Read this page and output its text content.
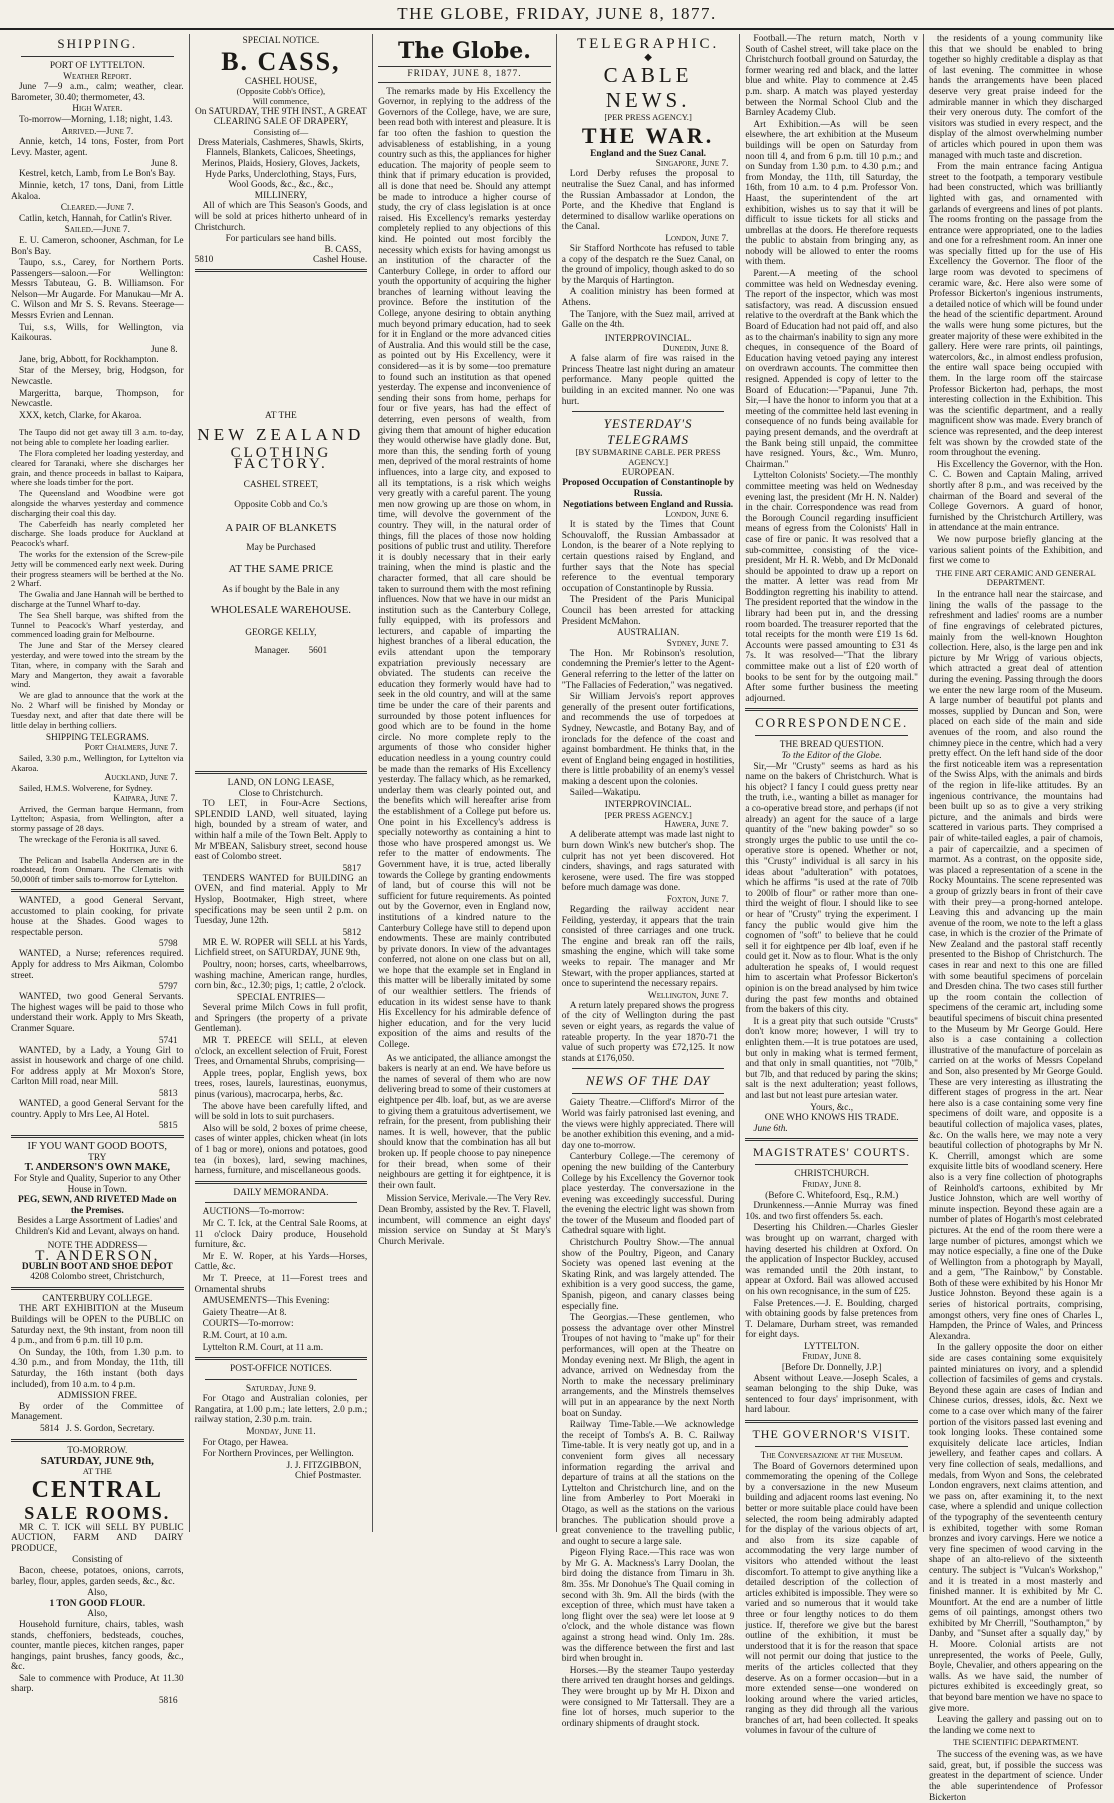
THE GLOBE, FRIDAY, JUNE 8, 1877.
SHIPPING.
PORT OF LYTTELTON.
Weather Report.
June 7—9 a.m., calm; weather, clear. Barometer, 30.40; thermometer, 43.
High Water.
To-morrow—Morning, 1.18; night, 1.43.
Arrived.—June 7.
Annie, ketch, 14 tons, Foster, from Port Levy. Master, agent.
June 8.
Kestrel, ketch, Lamb, from Le Bon's Bay.
Minnie, ketch, 17 tons, Dani, from Little Akaloa.
Cleared.—June 7.
Catlin, ketch, Hannah, for Catlin's River.
Sailed.—June 7.
E. U. Cameron, schooner, Aschman, for Le Bon's Bay.
Taupo, s.s., Carey, for Northern Ports. Passengers—saloon.—For Wellington: Messrs Tabuteau, G. B. Williamson. For Nelson—Mr Augarde. For Manukau—Mr A. C. Wilson and Mr S. S. Revans. Steerage—Messrs Evrien and Lennan.
Tui, s.s, Wills, for Wellington, via Kaikouras.
June 8.
Jane, brig, Abbott, for Rockhampton.
Star of the Mersey, brig, Hodgson, for Newcastle.
Margeritta, barque, Thompson, for Newcastle.
XXX, ketch, Clarke, for Akaroa.
The Taupo did not get away till 3 a.m. to-day, not being able to complete her loading earlier.
The Flora completed her loading yesterday, and cleared for Taranaki, where she discharges her grain, and thence proceeds in ballast to Kaipara, where she loads timber for the port.
The Queensland and Woodbine were got alongside the wharves yesterday and commence discharging their coal this day.
The Caberfeidh has nearly completed her discharge. She loads produce for Auckland at Peacock's wharf.
The works for the extension of the Screw-pile Jetty will be commenced early next week. During their progress steamers will be berthed at the No. 2 Wharf.
The Gwalia and Jane Hannah will be berthed to discharge at the Tunnel Wharf to-day.
The Sea Shell barque, was shifted from the Tunnel to Peacock's Wharf yesterday, and commenced loading grain for Melbourne.
The June and Star of the Mersey cleared yesterday, and were towed into the stream by the Titan, where, in company with the Sarah and Mary and Mangerton, they await a favorable wind.
We are glad to announce that the work at the No. 2 Wharf will be finished by Monday or Tuesday next, and after that date there will be little delay in berthing colliers.
SHIPPING TELEGRAMS.
Port Chalmers, June 7.
Sailed, 3.30 p.m., Wellington, for Lyttelton via Akaroa.
Auckland, June 7.
Sailed, H.M.S. Wolverene, for Sydney.
Kaipara, June 7.
Arrived, the German barque Hermann, from Lyttelton; Aspasia, from Wellington, after a stormy passage of 28 days.
The wreckage of the Feronia is all saved.
Hokitika, June 6.
The Pelican and Isabella Andersen are in the roadstead, from Onmaru. The Clematis with 50,000ft of timber sails to-morrow for Lyttelton.
WANTED, a good General Servant, accustomed to plain cooking, for private house at the Shades. Good wages to respectable person.
5798
WANTED, a Nurse; references required. Apply for address to Mrs Aikman, Colombo street.
5797
WANTED, two good General Servants. The highest wages will be paid to those who understand their work. Apply to Mrs Skeath, Cranmer Square.
5741
WANTED, by a Lady, a Young Girl to assist in housework and charge of one child. For address apply at Mr Moxon's Store, Carlton Mill road, near Mill.
5813
WANTED, a good General Servant for the country. Apply to Mrs Lee, Al Hotel.
5815
IF YOU WANT GOOD BOOTS,
TRY
T. ANDERSON'S OWN MAKE,
For Style and Quality, Superior to any Other House in Town.
PEG, SEWN, AND RIVETED Made on the Premises.
Besides a Large Assortment of Ladies' and Children's Kid and Levant, always on hand.
NOTE THE ADDRESS—
T. ANDERSON,
DUBLIN BOOT AND SHOE DEPOT
4208 Colombo street, Christchurch,
CANTERBURY COLLEGE.
THE ART EXHIBITION at the Museum Buildings will be OPEN to the PUBLIC on Saturday next, the 9th instant, from noon till 4 p.m., and from 6 p.m. till 10 p.m.
On Sunday, the 10th, from 1.30 p.m. to 4.30 p.m., and from Monday, the 11th, till Saturday, the 16th instant (both days included), from 10 a.m. to 4 p.m.
ADMISSION FREE.
By order of the Committee of Management.
5814 J. S. Gordon, Secretary.
TO-MORROW.
SATURDAY, JUNE 9th,
AT THE
CENTRAL
SALE ROOMS.
MR C. T. ICK will SELL BY PUBLIC AUCTION, FARM AND DAIRY PRODUCE,
Consisting of
Bacon, cheese, potatoes, onions, carrots, barley, flour, apples, garden seeds, &c., &c.
Also,
1 TON GOOD FLOUR.
Also,
Household furniture, chairs, tables, wash stands, cheffoniers, bedsteads, couches, counter, mantle pieces, kitchen ranges, paper hangings, paint brushes, fancy goods, &c., &c.
Sale to commence with Produce, At 11.30 sharp.
5816
SPECIAL NOTICE.
B. CASS,
CASHEL HOUSE,
(Opposite Cobb's Office),
Will commence,
On SATURDAY, THE 9TH INST., A GREAT CLEARING SALE OF DRAPERY,
Consisting of—
Dress Materials, Cashmeres, Shawls, Skirts, Flannels, Blankets, Calicoes, Sheetings, Merinos, Plaids, Hosiery, Gloves, Jackets, Hyde Parks, Underclothing, Stays, Furs, Wool Goods, &c., &c., &c.,
MILLINERY,
All of which are This Season's Goods, and will be sold at prices hitherto unheard of in Christchurch.
For particulars see hand bills.
B. CASS,
5810	Cashel House.
AT THE
NEW ZEALAND
CLOTHING FACTORY.
CASHEL STREET,
Opposite Cobb and Co.'s
A PAIR OF BLANKETS
May be Purchased
AT THE SAME PRICE
As if bought by the Bale in any
WHOLESALE WAREHOUSE.
GEORGE KELLY,
Manager. 5601
LAND, ON LONG LEASE,
Close to Christchurch.
TO LET, in Four-Acre Sections, SPLENDID LAND, well situated, laying high, bounded by a stream of water, and within half a mile of the Town Belt. Apply to Mr M'BEAN, Salisbury street, second house east of Colombo street.
5817
TENDERS WANTED for BUILDING an OVEN, and find material. Apply to Mr Hyslop, Bootmaker, High street, where specifications may be seen until 2 p.m. on Tuesday, June 12th.
5812
MR E. W. ROPER will SELL at his Yards, Lichfield street, on SATURDAY, JUNE 9th,
Poultry, noon; horses, carts, wheelbarrows, washing machine, American range, hurdles, corn bin, &c., 12.30; pigs, 1; cattle, 2 o'clock.
SPECIAL ENTRIES—
Several prime Milch Cows in full profit, and Springers (the property of a private Gentleman).
MR T. PREECE will SELL, at eleven o'clock, an excellent selection of Fruit, Forest Trees, and Ornamental Shrubs, comprising—
Apple trees, poplar, English yews, box trees, roses, laurels, laurestinas, euonymus, pinus (various), macrocarpa, herbs, &c.
The above have been carefully lifted, and will be sold in lots to suit purchasers.
Also will be sold, 2 boxes of prime cheese, cases of winter apples, chicken wheat (in lots of 1 bag or more), onions and potatoes, good tea (in boxes), lard, sewing machines, harness, furniture, and miscellaneous goods.
DAILY MEMORANDA.
AUCTIONS—To-morrow:
Mr C. T. Ick, at the Central Sale Rooms, at 11 o'clock Dairy produce, Household furniture, &c.
Mr E. W. Roper, at his Yards—Horses, Cattle, &c.
Mr T. Preece, at 11—Forest trees and Ornamental shrubs
AMUSEMENTS—This Evening:
Gaiety Theatre—At 8.
COURTS—To-morrow:
R.M. Court, at 10 a.m.
Lyttelton R.M. Court, at 11 a.m.
POST-OFFICE NOTICES.
Saturday, June 9.
For Otago and Australian colonies, per Rangatira, at 1.00 p.m.; late letters, 2.0 p.m.; railway station, 2.30 p.m. train.
Monday, June 11.
For Otago, per Hawea.
For Northern Provinces, per Wellington.
J. J. FITZGIBBON,
Chief Postmaster.
The Globe.
FRIDAY, JUNE 8, 1877.
The remarks made by His Excellency the Governor, in replying to the address of the Governors of the College, have, we are sure, been read both with interest and pleasure. It is far too often the fashion to question the advisableness of establishing, in a young country such as this, the appliances for higher education. The majority of people seem to think that if primary education is provided, all is done that need be. Should any attempt be made to introduce a higher course of study, the cry of class legislation is at once raised. His Excellency's remarks yesterday completely replied to any objections of this kind. He pointed out most forcibly the necessity which exists for having amongst us an institution of the character of the Canterbury College, in order to afford our youth the opportunity of acquiring the higher branches of learning without leaving the province. Before the institution of the College, anyone desiring to obtain anything much beyond primary education, had to seek for it in England or the more advanced cities of Australia. And this would still be the case, as pointed out by His Excellency, were it considered—as it is by some—too premature to found such an institution as that opened yesterday. The expense and inconvenience of sending their sons from home, perhaps for four or five years, has had the effect of deterring, even persons of wealth, from giving them that amount of higher education they would otherwise have gladly done. But, more than this, the sending forth of young men, deprived of the moral restraints of home influences, into a large city, and exposed to all its temptations, is a risk which weighs very greatly with a careful parent. The young men now growing up are those on whom, in time, will devolve the government of the country. They will, in the natural order of things, fill the places of those now holding positions of public trust and utility. Therefore it is doubly necessary that in their early training, when the mind is plastic and the character formed, that all care should be taken to surround them with the most refining influences. Now that we have in our midst an institution such as the Canterbury College, fully equipped, with its professors and lecturers, and capable of imparting the highest branches of a liberal education, the evils attendant upon the temporary expatriation previously necessary are obviated. The students can receive the education they formerly would have had to seek in the old country, and will at the same time be under the care of their parents and surrounded by those potent influences for good which are to be found in the home circle. No more complete reply to the arguments of those who consider higher education needless in a young country could be made than the remarks of His Excellency yesterday. The fallacy which, as he remarked, underlay them was clearly pointed out, and the benefits which will hereafter arise from the establishment of a College put before us. One point in his Excellency's address is specially noteworthy as containing a hint to those who have prospered amongst us. We refer to the matter of endowments. The Government have, it is true, acted liberally towards the College by granting endowments of land, but of course this will not be sufficient for future requirements. As pointed out by the Governor, even in England now, institutions of a kindred nature to the Canterbury College have still to depend upon endowments. These are mainly contributed by private donors. In view of the advantages conferred, not alone on one class but on all, we hope that the example set in England in this matter will be liberally imitated by some of our wealthier settlers. The friends of education in its widest sense have to thank His Excellency for his admirable defence of higher education, and for the very lucid exposition of the aims and results of the College.
As we anticipated, the alliance amongst the bakers is nearly at an end. We have before us the names of several of them who are now delivering bread to some of their customers at eightpence per 4lb. loaf, but, as we are averse to giving them a gratuitous advertisement, we refrain, for the present, from publishing their names. It is well, however, that the public should know that the combination has all but broken up. If people choose to pay ninepence for their bread, when some of their neighbours are getting it for eightpence, it is their own fault.
Mission Service, Merivale.—The Very Rev. Dean Bromby, assisted by the Rev. T. Flavell, incumbent, will commence an eight days' mission service on Sunday at St Mary's Church Merivale.
TELEGRAPHIC.
◆
CABLE NEWS.
[PER PRESS AGENCY.]
THE WAR.
England and the Suez Canal.
Singapore, June 7.
Lord Derby refuses the proposal to neutralise the Suez Canal, and has informed the Russian Ambassador at London, the Porte, and the Khedive that England is determined to disallow warlike operations on the Canal.
London, June 7.
Sir Stafford Northcote has refused to table a copy of the despatch re the Suez Canal, on the ground of impolicy, though asked to do so by the Marquis of Hartington.
A coalition ministry has been formed at Athens.
The Tanjore, with the Suez mail, arrived at Galle on the 4th.
INTERPROVINCIAL.
Dunedin, June 8.
A false alarm of fire was raised in the Princess Theatre last night during an amateur performance. Many people quitted the building in an excited manner. No one was hurt.
YESTERDAY'S TELEGRAMS
[BY SUBMARINE CABLE. PER PRESS AGENCY.]
EUROPEAN.
Proposed Occupation of Constantinople by Russia.
Negotiations between England and Russia.
London, June 6.
It is stated by the Times that Count Schouvaloff, the Russian Ambassador at London, is the bearer of a Note replying to certain questions raised by England, and further says that the Note has special reference to the eventual temporary occupation of Constantinople by Russia.
The President of the Paris Municipal Council has been arrested for attacking President McMahon.
AUSTRALIAN.
Sydney, June 7.
The Hon. Mr Robinson's resolution, condemning the Premier's letter to the Agent-General referring to the letter of the latter on "The Fallacies of Federation," was negatived.
Sir William Jervois's report approves generally of the present outer fortifications, and recommends the use of torpedoes at Sydney, Newcastle, and Botany Bay, and of ironclads for the defence of the coast and against bombardment. He thinks that, in the event of England being engaged in hostilities, there is little probability of an enemy's vessel making a descent upon the colonies.
Sailed—Wakatipu.
INTERPROVINCIAL.
[PER PRESS AGENCY.]
Hawera, June 7.
A deliberate attempt was made last night to burn down Wink's new butcher's shop. The culprit has not yet been discovered. Hot cinders, shavings, and rags saturated with kerosene, were used. The fire was stopped before much damage was done.
Foxton, June 7.
Regarding the railway accident near Feilding, yesterday, it appears that the train consisted of three carriages and one truck. The engine and break ran off the rails, smashing the engine, which will take some weeks to repair. The manager and Mr Stewart, with the proper appliances, started at once to superintend the necessary repairs.
Wellington, June 7.
A return lately prepared shows the progress of the city of Wellington during the past seven or eight years, as regards the value of rateable property. In the year 1870-71 the value of such property was £72,125. It now stands at £176,050.
NEWS OF THE DAY
Gaiety Theatre.—Clifford's Mirror of the World was fairly patronised last evening, and the views were highly appreciated. There will be another exhibition this evening, and a mid-day one to-morrow.
Canterbury College.—The ceremony of opening the new building of the Canterbury College by his Excellency the Governor took place yesterday. The conversazione in the evening was exceedingly successful. During the evening the electric light was shown from the tower of the Museum and flooded part of Cathedral square with light.
Christchurch Poultry Show.—The annual show of the Poultry, Pigeon, and Canary Society was opened last evening at the Skating Rink, and was largely attended. The exhibition is a very good success, the game, Spanish, pigeon, and canary classes being especially fine.
The Georgias.—These gentlemen, who possess the advantage over other Minstrel Troupes of not having to "make up" for their performances, will open at the Theatre on Monday evening next. Mr Bligh, the agent in advance, arrived on Wednesday from the North to make the necessary preliminary arrangements, and the Minstrels themselves will put in an appearance by the next North boat on Sunday.
Railway Time-Table.—We acknowledge the receipt of Tombs's A. B. C. Railway Time-table. It is very neatly got up, and in a convenient form gives all necessary information regarding the arrival and departure of trains at all the stations on the Lyttelton and Christchurch line, and on the line from Amberley to Port Moeraki in Otago, as well as the stations on the various branches. The publication should prove a great convenience to the travelling public, and ought to secure a large sale.
Pigeon Flying Race.—This race was won by Mr G. A. Mackness's Larry Doolan, the bird doing the distance from Timaru in 3h. 8m. 35s. Mr Donohue's The Quail coming in second with 3h. 9m. All the birds (with the exception of three, which must have taken a long flight over the sea) were let loose at 9 o'clock, and the whole distance was flown against a strong head wind. Only 1m. 28s. was the difference between the first and last bird when brought in.
Horses.—By the steamer Taupo yesterday there arrived ten draught horses and geldings. They were brought up by Mr H. Dixon and were consigned to Mr Tattersall. They are a fine lot of horses, much superior to the ordinary shipments of draught stock.
Football.—The return match, North v South of Cashel street, will take place on the Christchurch football ground on Saturday, the former wearing red and black, and the latter blue and white. Play to commence at 2.45 p.m. sharp. A match was played yesterday between the Normal School Club and the Barnley Academy Club.
Art Exhibition.—As will be seen elsewhere, the art exhibition at the Museum buildings will be open on Saturday from noon till 4, and from 6 p.m. till 10 p.m.; and on Sunday from 1.30 p.m. to 4.30 p.m.; and from Monday, the 11th, till Saturday, the 16th, from 10 a.m. to 4 p.m. Professor Von. Haast, the superintendent of the art exhibition, wishes us to say that it will be difficult to issue tickets for all sticks and umbrellas at the doors. He therefore requests the public to abstain from bringing any, as nobody will be allowed to enter the rooms with them.
Parent.—A meeting of the school committee was held on Wednesday evening. The report of the inspector, which was most satisfactory, was read. A discussion ensued relative to the overdraft at the Bank which the Board of Education had not paid off, and also as to the chairman's inability to sign any more cheques, in consequence of the Board of Education having vetoed paying any interest on overdrawn accounts. The committee then resigned. Appended is copy of letter to the Board of Education:—"Papanui, June 7th. Sir,—I have the honor to inform you that at a meeting of the committee held last evening in consequence of no funds being available for paying present demands, and the overdraft at the Bank being still unpaid, the committee have resigned. Yours, &c., Wm. Munro, Chairman."
Lyttelton Colonists' Society.—The monthly committee meeting was held on Wednesday evening last, the president (Mr H. N. Nalder) in the chair. Correspondence was read from the Borough Council regarding insufficient means of egress from the Colonists' Hall in case of fire or panic. It was resolved that a sub-committee, consisting of the vice-president, Mr H. R. Webb, and Dr McDonald should be appointed to draw up a report on the matter. A letter was read from Mr Boddington regretting his inability to attend. The president reported that the window in the library had been put in, and the dressing room boarded. The treasurer reported that the total receipts for the month were £19 1s 6d. Accounts were passed amounting to £31 4s 7s. It was resolved—"That the library committee make out a list of £20 worth of books to be sent for by the outgoing mail." After some further business the meeting adjourned.
CORRESPONDENCE.
THE BREAD QUESTION.
To the Editor of the Globe.
Sir,—Mr "Crusty" seems as hard as his name on the bakers of Christchurch. What is his object? I fancy I could guess pretty near the truth, i.e., wanting a billet as manager for a co-operative bread store, and perhaps (if not already) an agent for the sauce of a large quantity of the "new baking powder" so so strongly urges the public to use until the co-operative store is opened. Whether or not, this "Crusty" individual is all sarcy in his ideas about "adulteration" with potatoes, which he affirms "is used at the rate of 70lb to 200lb of flour" or rather more than one-third the weight of flour. I should like to see or hear of "Crusty" trying the experiment. I fancy the public would give him the cognomen of "soft" to believe that he could sell it for eightpence per 4lb loaf, even if he could get it. Now as to flour. What is the only adulteration he speaks of, I would request him to ascertain what Professor Bickerton's opinion is on the bread analysed by him twice during the past few months and obtained from the bakers of this city.
It is a great pity that such outside "Crusts" don't know more; however, I will try to enlighten them.—It is true potatoes are used, but only in making what is termed ferment, and that only in small quantities, not "70lb," but 7lb, and that reduced by paring the skins; salt is the next adulteration; yeast follows, and last but not least pure artesian water.
Yours, &c.,
ONE WHO KNOWS HIS TRADE.
June 6th.
MAGISTRATES' COURTS.
CHRISTCHURCH.
Friday, June 8.
(Before C. Whitefoord, Esq., R.M.)
Drunkenness.—Annie Murray was fined 10s. and two first offenders 5s. each.
Deserting his Children.—Charles Giesler was brought up on warrant, charged with having deserted his children at Oxford. On the application of Inspector Buckley, accused was remanded until the 20th instant, to appear at Oxford. Bail was allowed accused on his own recognisance, in the sum of £25.
False Pretences.—J. E. Boulding, charged with obtaining goods by false pretences from T. Delamare, Durham street, was remanded for eight days.
LYTTELTON.
Friday, June 8.
[Before Dr. Donnelly, J.P.]
Absent without Leave.—Joseph Scales, a seaman belonging to the ship Duke, was sentenced to four days' imprisonment, with hard labour.
THE GOVERNOR'S VISIT.
The Conversazione at the Museum.
The Board of Governors determined upon commemorating the opening of the College by a conversazione in the new Museum building and adjacent rooms last evening. No better or more suitable place could have been selected, the room being admirably adapted for the display of the various objects of art, and also from its size capable of accommodating the very large number of visitors who attended without the least discomfort. To attempt to give anything like a detailed description of the collection of articles exhibited is impossible. They were so varied and so numerous that it would take three or four lengthy notices to do them justice. If, therefore we give but the barest outline of the exhibition, it must be understood that it is for the reason that space will not permit our doing that justice to the merits of the articles collected that they deserve. As on a former occasion—but in a more extended sense—one wondered on looking around where the varied articles, ranging as they did through all the various branches of art, had been collected. It speaks volumes in favour of the culture of
the residents of a young community like this that we should be enabled to bring together so highly creditable a display as that of last evening. The committee in whose hands the arrangements have been placed deserve very great praise indeed for the admirable manner in which they discharged their very onerous duty. The comfort of the visitors was studied in every respect, and the display of the almost overwhelming number of articles which poured in upon them was managed with much taste and discretion.
From the main entrance facing Antigua street to the footpath, a temporary vestibule had been constructed, which was brilliantly lighted with gas, and ornamented with garlands of evergreens and lines of pot plants. The rooms fronting on the passage from the entrance were appropriated, one to the ladies and one for a refreshment room. An inner one was specially fitted up for the use of His Excellency the Governor. The floor of the large room was devoted to specimens of ceramic ware, &c. Here also were some of Professor Bickerton's ingenious instruments, a detailed notice of which will be found under the head of the scientific department. Around the walls were hung some pictures, but the greater majority of these were exhibited in the gallery. Here were rare prints, oil paintings, watercolors, &c., in almost endless profusion, the entire wall space being occupied with them. In the large room off the staircase Professor Bickerton had, perhaps, the most interesting collection in the Exhibition. This was the scientific department, and a really magnificent show was made. Every branch of science was represented, and the deep interest felt was shown by the crowded state of the room throughout the evening.
His Excellency the Governor, with the Hon. C. C. Bowen and Captain Maling, arrived shortly after 8 p.m., and was received by the chairman of the Board and several of the College Governors. A guard of honor, furnished by the Christchurch Artillery, was in attendance at the main entrance.
We now purpose briefly glancing at the various salient points of the Exhibition, and first we come to
THE FINE ART CERAMIC AND GENERAL DEPARTMENT.
In the entrance hall near the staircase, and lining the walls of the passage to the refreshment and ladies' rooms are a number of fine engravings of celebrated pictures, mainly from the well-known Houghton collection. Here, also, is the large pen and ink picture by Mr Wrigg of various objects, which attracted a great deal of attention during the evening. Passing through the doors we enter the new large room of the Museum. A large number of beautiful pot plants and mosses, supplied by Duncan and Son, were placed on each side of the main and side avenues of the room, and also round the chimney piece in the centre, which had a very pretty effect. On the left hand side of the door the first noticeable item was a representation of the Swiss Alps, with the animals and birds of the region in life-like attitudes. By an ingenious contrivance, the mountains had been built up so as to give a very striking picture, and the animals and birds were scattered in various parts. They comprised a pair of white-tailed eagles, a pair of chamois, a pair of capercailzie, and a specimen of marmot. As a contrast, on the opposite side, was placed a representation of a scene in the Rocky Mountains. The scene represented was a group of grizzly bears in front of their cave with their prey—a prong-horned antelope. Leaving this and advancing up the main avenue of the room, we note to the left a glass case, in which is the crozier of the Primate of New Zealand and the pastoral staff recently presented to the Bishop of Christchurch. The cases in rear and next to this one are filled with some beautiful specimens of porcelain and Dresden china. The two cases still further up the room contain the collection of specimens of the ceramic art, including some beautiful specimens of biscuit china presented to the Museum by Mr George Gould. Here also is a case containing a collection illustrative of the manufacture of porcelain as carried on at the works of Messrs Copeland and Son, also presented by Mr George Gould. These are very interesting as illustrating the different stages of progress in the art. Near here also is a case containing some very fine specimens of doilt ware, and opposite is a beautiful collection of majolica vases, plates, &c. On the walls here, we may note a very beautiful collection of photographs by Mr N. K. Cherrill, amongst which are some exquisite little bits of woodland scenery. Here also is a very fine collection of photographs of Reinhold's cartoons, exhibited by Mr Justice Johnston, which are well worthy of minute inspection. Beyond these again are a number of plates of Hogarth's most celebrated pictures. At the end of the room there were a large number of pictures, amongst which we may notice especially, a fine one of the Duke of Wellington from a photograph by Mayall, and a gem, "The Rainbow," by Constable. Both of these were exhibited by his Honor Mr Justice Johnston. Beyond these again is a series of historical portraits, comprising, amongst others, very fine ones of Charles I., Hampden, the Prince of Wales, and Princess Alexandra.
In the gallery opposite the door on either side are cases containing some exquisitely painted miniatures on ivory, and a splendid collection of facsimiles of gems and crystals. Beyond these again are cases of Indian and Chinese curios, dresses, idols, &c. Next we come to a case over which many of the fairer portion of the visitors passed last evening and took longing looks. These contained some exquisitely delicate lace articles, Indian jewellery, and feather capes and collars. A very fine collection of seals, medallions, and medals, from Wyon and Sons, the celebrated London engravers, next claims attention, and we pass on, after examining it, to the next case, where a splendid and unique collection of the typography of the seventeenth century is exhibited, together with some Roman bronzes and ivory carvings. Here we notice a very fine specimen of wood carving in the shape of an alto-relievo of the sixteenth century. The subject is "Vulcan's Workshop," and it is treated in a most masterly and finished manner. It is exhibited by Mr C. Mountfort. At the end are a number of little gems of oil paintings, amongst others two exhibited by Mr Cherrill, "Southampton," by Danby, and "Sunset after a squally day," by H. Moore. Colonial artists are not unrepresented, the works of Peele, Gully, Boyle, Chevalier, and others appearing on the walls. As we have said, the number of pictures exhibited is exceedingly great, so that beyond bare mention we have no space to give more.
Leaving the gallery and passing out on to the landing we come next to
THE SCIENTIFIC DEPARTMENT.
The success of the evening was, as we have said, great, but, if possible the success was greatest in the department of science. Under the able superintendence of Professor Bickerton
